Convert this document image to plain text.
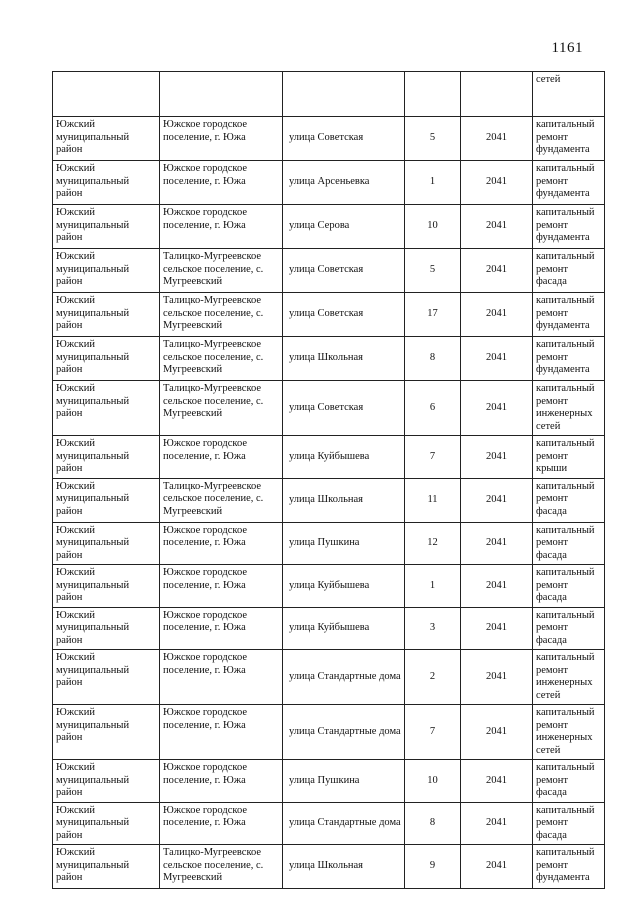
1161
					сетей
Южский муниципальный район	Южское городское поселение, г. Южа	улица Советская	5	2041	капитальный ремонт фундамента
Южский муниципальный район	Южское городское поселение, г. Южа	улица Арсеньевка	1	2041	капитальный ремонт фундамента
Южский муниципальный район	Южское городское поселение, г. Южа	улица Серова	10	2041	капитальный ремонт фундамента
Южский муниципальный район	Талицко-Мугреевское сельское поселение, с. Мугреевский	улица Советская	5	2041	капитальный ремонт фасада
Южский муниципальный район	Талицко-Мугреевское сельское поселение, с. Мугреевский	улица Советская	17	2041	капитальный ремонт фундамента
Южский муниципальный район	Талицко-Мугреевское сельское поселение, с. Мугреевский	улица Школьная	8	2041	капитальный ремонт фундамента
Южский муниципальный район	Талицко-Мугреевское сельское поселение, с. Мугреевский	улица Советская	6	2041	капитальный ремонт инженерных сетей
Южский муниципальный район	Южское городское поселение, г. Южа	улица Куйбышева	7	2041	капитальный ремонт крыши
Южский муниципальный район	Талицко-Мугреевское сельское поселение, с. Мугреевский	улица Школьная	11	2041	капитальный ремонт фасада
Южский муниципальный район	Южское городское поселение, г. Южа	улица Пушкина	12	2041	капитальный ремонт фасада
Южский муниципальный район	Южское городское поселение, г. Южа	улица Куйбышева	1	2041	капитальный ремонт фасада
Южский муниципальный район	Южское городское поселение, г. Южа	улица Куйбышева	3	2041	капитальный ремонт фасада
Южский муниципальный район	Южское городское поселение, г. Южа	улица Стандартные дома	2	2041	капитальный ремонт инженерных сетей
Южский муниципальный район	Южское городское поселение, г. Южа	улица Стандартные дома	7	2041	капитальный ремонт инженерных сетей
Южский муниципальный район	Южское городское поселение, г. Южа	улица Пушкина	10	2041	капитальный ремонт фасада
Южский муниципальный район	Южское городское поселение, г. Южа	улица Стандартные дома	8	2041	капитальный ремонт фасада
Южский муниципальный район	Талицко-Мугреевское сельское поселение, с. Мугреевский	улица Школьная	9	2041	капитальный ремонт фундамента
